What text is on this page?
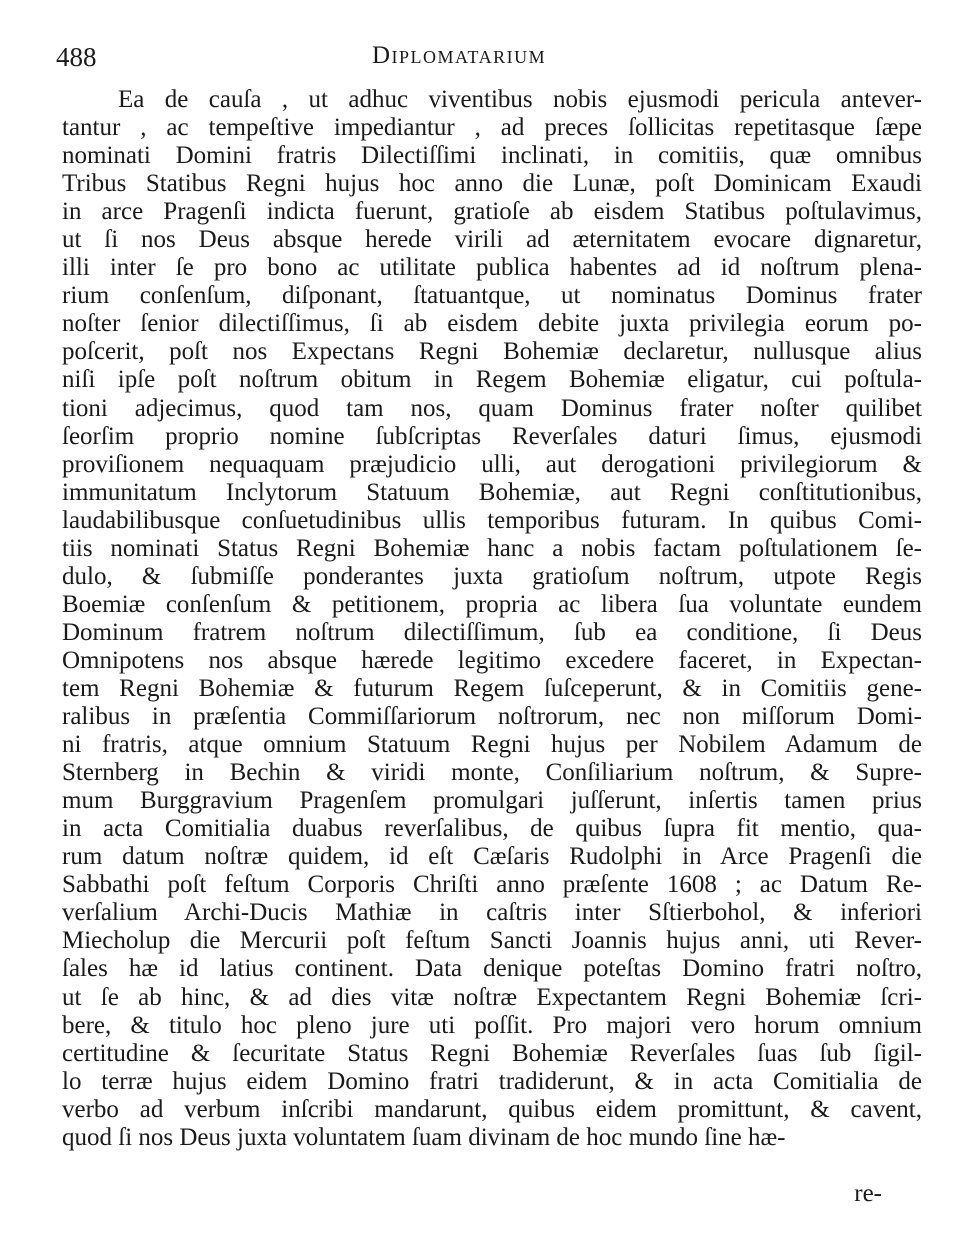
488	Diplomatarium
Ea de cauſa , ut adhuc viventibus nobis ejusmodi pericula antever-
tantur , ac tempeſtive impediantur , ad preces ſollicitas repetitasque ſæpe
nominati Domini fratris Dilectiſſimi inclinati, in comitiis, quæ omnibus
Tribus Statibus Regni hujus hoc anno die Lunæ, poſt Dominicam Exaudi
in arce Pragenſi indicta fuerunt, gratioſe ab eisdem Statibus poſtulavimus,
ut ſi nos Deus absque herede virili ad æternitatem evocare dignaretur,
illi inter ſe pro bono ac utilitate publica habentes ad id noſtrum plena-
rium conſenſum, diſponant, ſtatuantque, ut nominatus Dominus frater
noſter ſenior dilectiſſimus, ſi ab eisdem debite juxta privilegia eorum po-
poſcerit, poſt nos Expectans Regni Bohemiæ declaretur, nullusque alius
niſi ipſe poſt noſtrum obitum in Regem Bohemiæ eligatur, cui poſtula-
tioni adjecimus, quod tam nos, quam Dominus frater noſter quilibet
ſeorſim proprio nomine ſubſcriptas Reverſales daturi ſimus, ejusmodi
proviſionem nequaquam præjudicio ulli, aut derogationi privilegiorum &
immunitatum Inclytorum Statuum Bohemiæ, aut Regni conſtitutionibus,
laudabilibusque conſuetudinibus ullis temporibus futuram. In quibus Comi-
tiis nominati Status Regni Bohemiæ hanc a nobis factam poſtulationem ſe-
dulo, & ſubmiſſe ponderantes juxta gratioſum noſtrum, utpote Regis
Boemiæ conſenſum & petitionem, propria ac libera ſua voluntate eundem
Dominum fratrem noſtrum dilectiſſimum, ſub ea conditione, ſi Deus
Omnipotens nos absque hærede legitimo excedere faceret, in Expectan-
tem Regni Bohemiæ & futurum Regem ſuſceperunt, & in Comitiis gene-
ralibus in præſentia Commiſſariorum noſtrorum, nec non miſſorum Domi-
ni fratris, atque omnium Statuum Regni hujus per Nobilem Adamum de
Sternberg in Bechin & viridi monte, Conſiliarium noſtrum, & Supre-
mum Burggravium Pragenſem promulgari juſſerunt, inſertis tamen prius
in acta Comitialia duabus reverſalibus, de quibus ſupra fit mentio, qua-
rum datum noſtræ quidem, id eſt Cæſaris Rudolphi in Arce Pragenſi die
Sabbathi poſt feſtum Corporis Chriſti anno præſente 1608 ; ac Datum Re-
verſalium Archi-Ducis Mathiæ in caſtris inter Sſtierbohol, & inferiori
Miecholup die Mercurii poſt feſtum Sancti Joannis hujus anni, uti Rever-
ſales hæ id latius continent. Data denique poteſtas Domino fratri noſtro,
ut ſe ab hinc, & ad dies vitæ noſtræ Expectantem Regni Bohemiæ ſcri-
bere, & titulo hoc pleno jure uti poſſit. Pro majori vero horum omnium
certitudine & ſecuritate Status Regni Bohemiæ Reverſales ſuas ſub ſigil-
lo terræ hujus eidem Domino fratri tradiderunt, & in acta Comitialia de
verbo ad verbum inſcribi mandarunt, quibus eidem promittunt, & cavent,
quod ſi nos Deus juxta voluntatem ſuam divinam de hoc mundo ſine hæ-
re-
